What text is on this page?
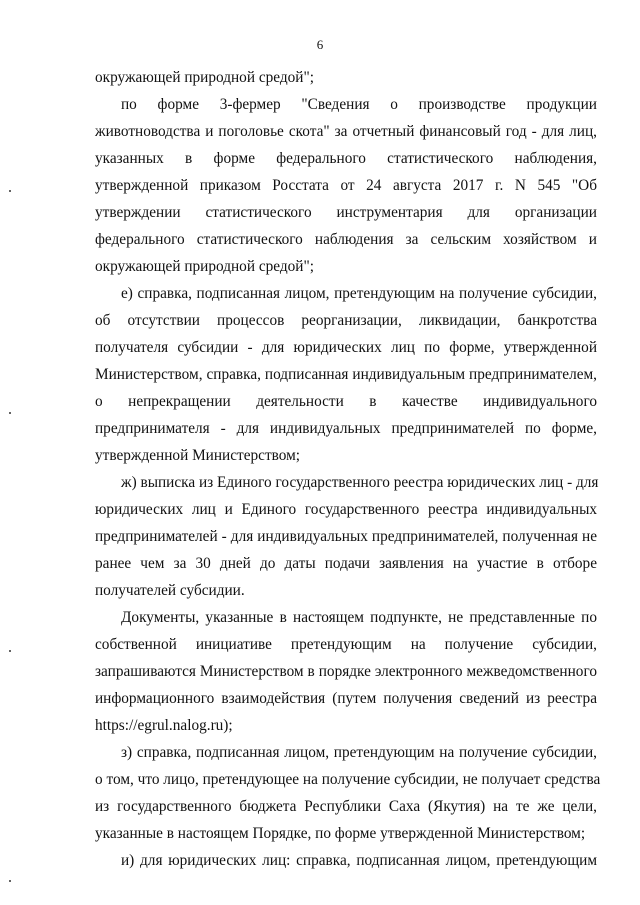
6
окружающей природной средой";
по форме 3-фермер "Сведения о производстве продукции
животноводства и поголовье скота" за отчетный финансовый год - для лиц,
указанных в форме федерального статистического наблюдения,
утвержденной приказом Росстата от 24 августа 2017 г. N 545 "Об
утверждении статистического инструментария для организации
федерального статистического наблюдения за сельским хозяйством и
окружающей природной средой";
е) справка, подписанная лицом, претендующим на получение субсидии,
об отсутствии процессов реорганизации, ликвидации, банкротства
получателя субсидии - для юридических лиц по форме, утвержденной
Министерством, справка, подписанная индивидуальным предпринимателем,
о непрекращении деятельности в качестве индивидуального
предпринимателя - для индивидуальных предпринимателей по форме,
утвержденной Министерством;
ж) выписка из Единого государственного реестра юридических лиц - для
юридических лиц и Единого государственного реестра индивидуальных
предпринимателей - для индивидуальных предпринимателей, полученная не
ранее чем за 30 дней до даты подачи заявления на участие в отборе
получателей субсидии.
Документы, указанные в настоящем подпункте, не представленные по
собственной инициативе претендующим на получение субсидии,
запрашиваются Министерством в порядке электронного межведомственного
информационного взаимодействия (путем получения сведений из реестра
https://egrul.nalog.ru);
з) справка, подписанная лицом, претендующим на получение субсидии,
о том, что лицо, претендующее на получение субсидии, не получает средства
из государственного бюджета Республики Саха (Якутия) на те же цели,
указанные в настоящем Порядке, по форме утвержденной Министерством;
и) для юридических лиц: справка, подписанная лицом, претендующим
